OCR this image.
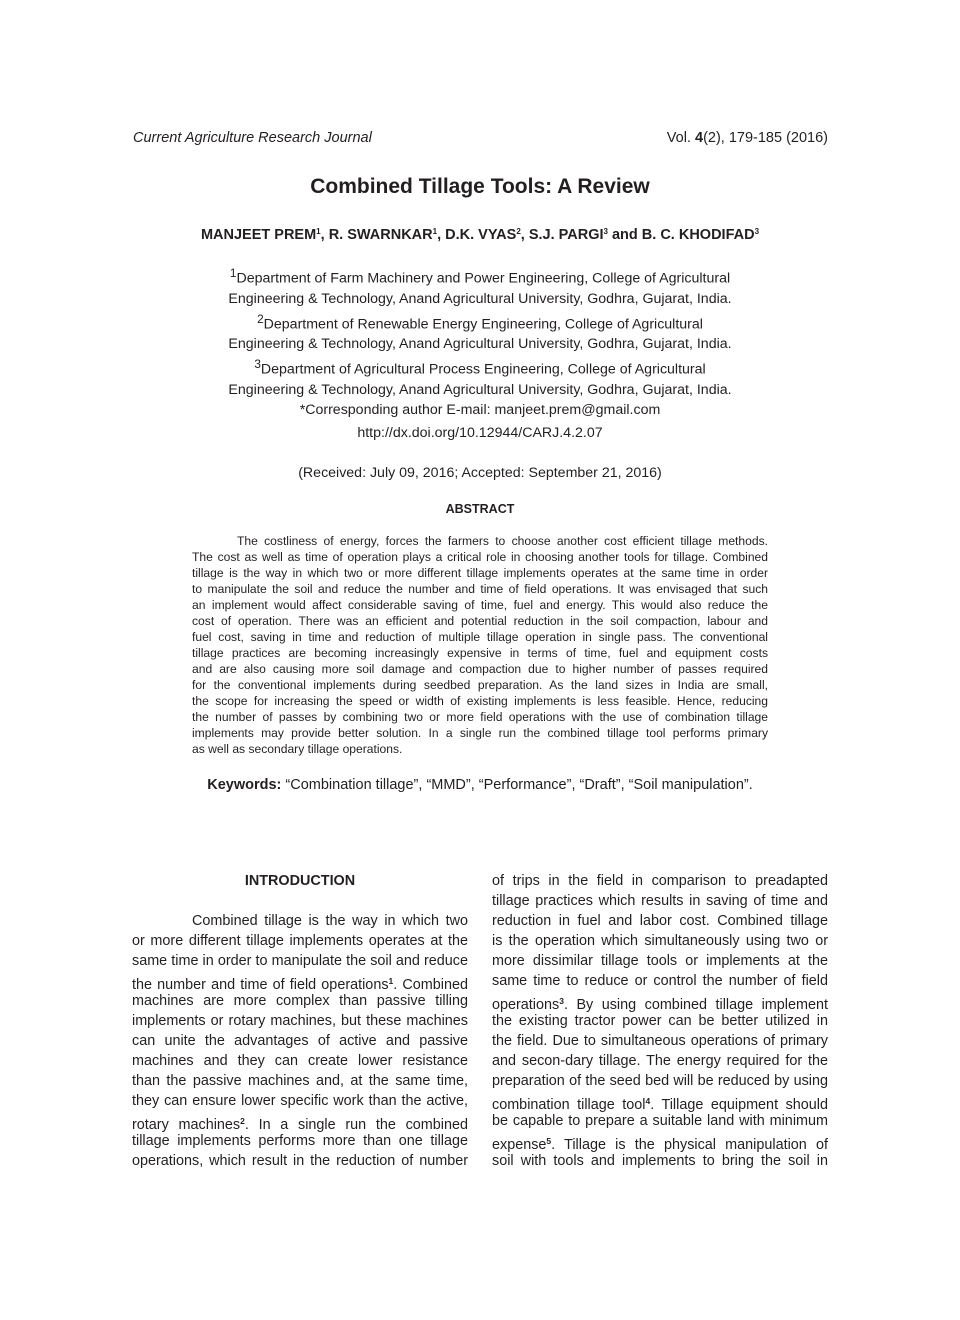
Current Agriculture Research Journal	Vol. 4(2), 179-185 (2016)
Combined Tillage Tools: A Review
MANJEET PREM$^1$, R. SWARNKAR$^1$, D.K. VYAS$^2$, S.J. PARGI$^3$ and B. C. KHODIFAD$^3$
$^1$Department of Farm Machinery and Power Engineering, College of Agricultural
Engineering & Technology, Anand Agricultural University, Godhra, Gujarat, India.
$^2$Department of Renewable Energy Engineering, College of Agricultural
Engineering & Technology, Anand Agricultural University, Godhra, Gujarat, India.
$^3$Department of Agricultural Process Engineering, College of Agricultural
Engineering & Technology, Anand Agricultural University, Godhra, Gujarat, India.
*Corresponding author E-mail: manjeet.prem@gmail.com
http://dx.doi.org/10.12944/CARJ.4.2.07
(Received: July 09, 2016; Accepted: September 21, 2016)
ABSTRACT
The costliness of energy, forces the farmers to choose another cost efficient tillage methods.
The cost as well as time of operation plays a critical role in choosing another tools for tillage. Combined
tillage is the way in which two or more different tillage implements operates at the same time in order
to manipulate the soil and reduce the number and time of field operations. It was envisaged that such
an implement would affect considerable saving of time, fuel and energy. This would also reduce the
cost of operation. There was an efficient and potential reduction in the soil compaction, labour and
fuel cost, saving in time and reduction of multiple tillage operation in single pass. The conventional
tillage practices are becoming increasingly expensive in terms of time, fuel and equipment costs
and are also causing more soil damage and compaction due to higher number of passes required
for the conventional implements during seedbed preparation. As the land sizes in India are small,
the scope for increasing the speed or width of existing implements is less feasible. Hence, reducing
the number of passes by combining two or more field operations with the use of combination tillage
implements may provide better solution. In a single run the combined tillage tool performs primary
as well as secondary tillage operations.
Keywords: “Combination tillage”, “MMD”, “Performance”, “Draft”, “Soil manipulation”.
INTRODUCTION
Combined tillage is the way in which two
or more different tillage implements operates at the
same time in order to manipulate the soil and reduce
the number and time of field operations$^1$. Combined
machines are more complex than passive tilling
implements or rotary machines, but these machines
can unite the advantages of active and passive
machines and they can create lower resistance
than the passive machines and, at the same time,
they can ensure lower specific work than the active,
rotary machines$^2$. In a single run the combined
tillage implements performs more than one tillage
operations, which result in the reduction of number
of trips in the field in comparison to preadapted
tillage practices which results in saving of time and
reduction in fuel and labor cost. Combined tillage
is the operation which simultaneously using two or
more dissimilar tillage tools or implements at the
same time to reduce or control the number of field
operations$^3$. By using combined tillage implement
the existing tractor power can be better utilized in
the field. Due to simultaneous operations of primary
and secon-dary tillage. The energy required for the
preparation of the seed bed will be reduced by using
combination tillage tool$^4$. Tillage equipment should
be capable to prepare a suitable land with minimum
expense$^5$. Tillage is the physical manipulation of
soil with tools and implements to bring the soil in
